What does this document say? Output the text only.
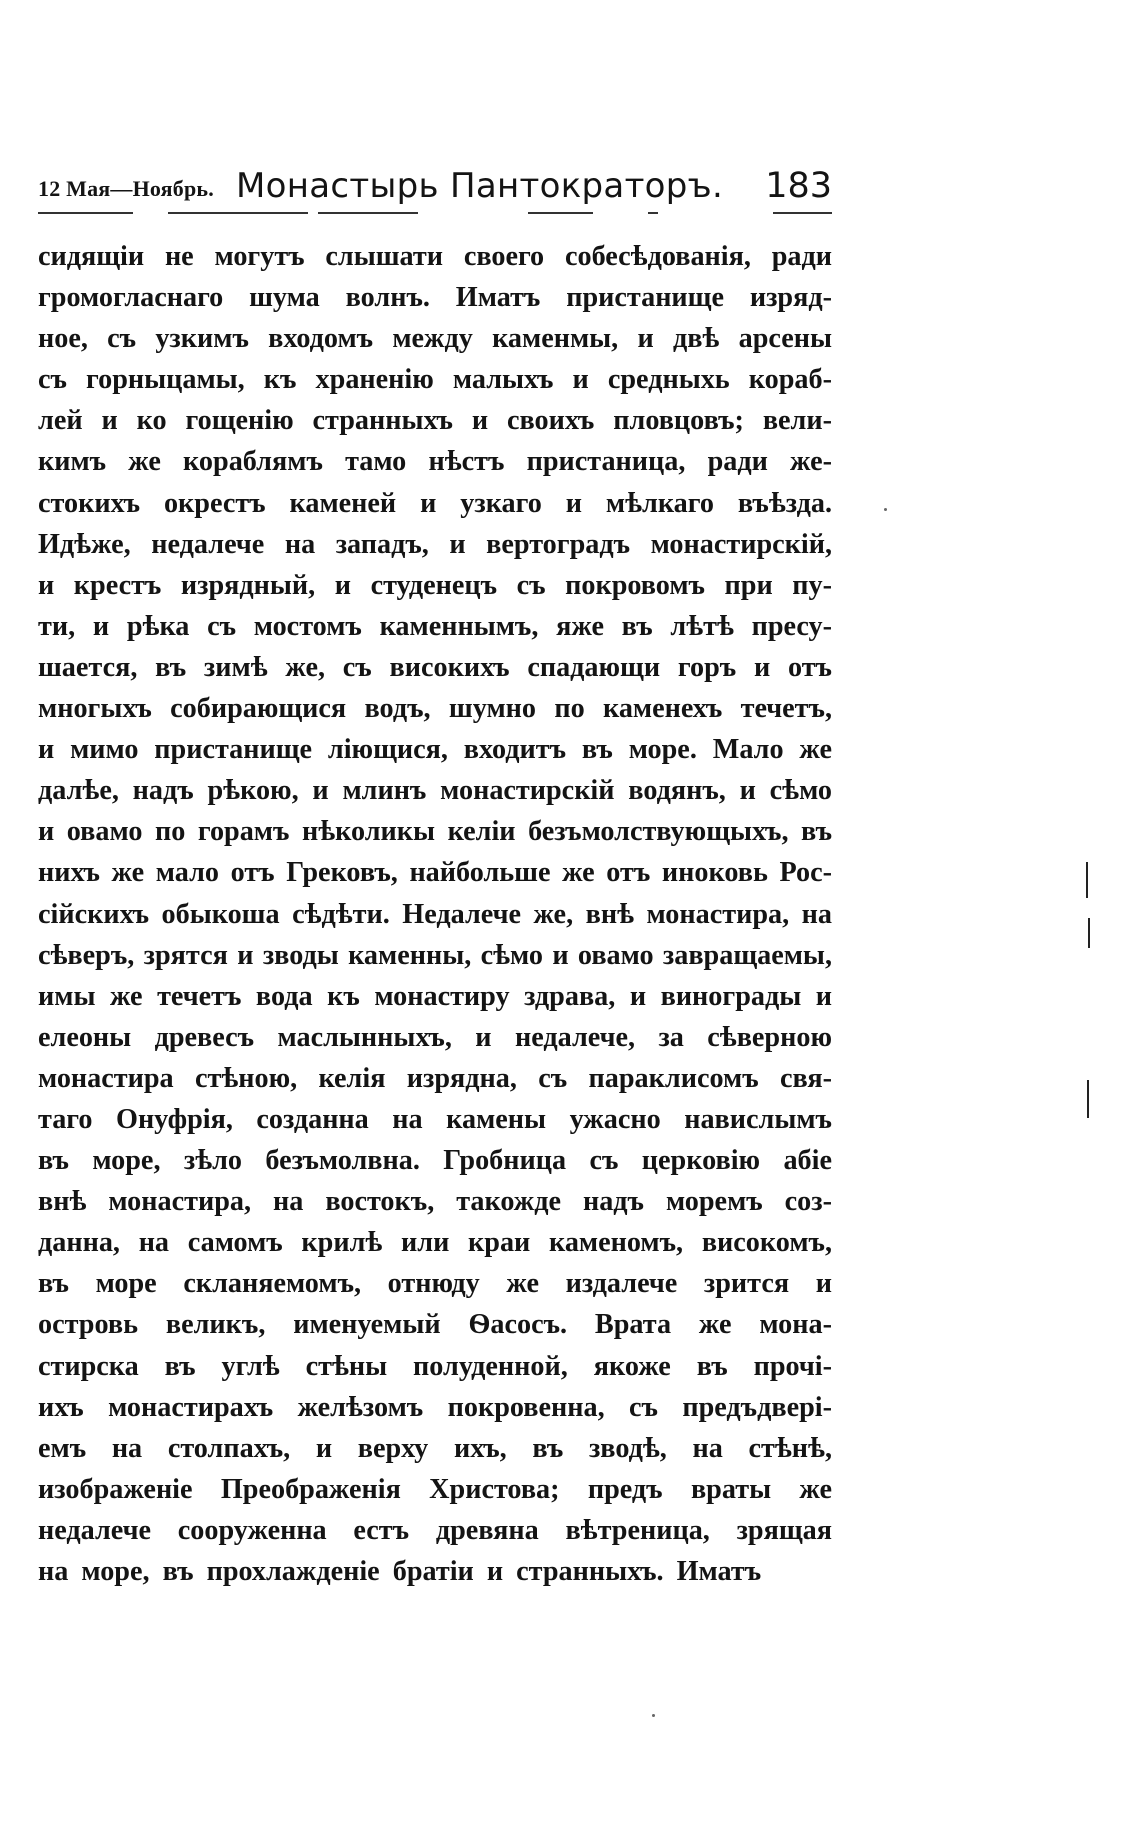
12 Мая—Ноябрь. Монастырь Пантократоръ. 183
сидящіи не могутъ слышати своего собесѣдованія, ради
громогласнаго шума волнъ. Иматъ пристанище изряд-
ное, съ узкимъ входомъ между каменмы, и двѣ арсены
съ горныцамы, къ храненію малыхъ и средныхь кораб-
лей и ко гощенію странныхъ и своихъ пловцовъ; вели-
кимъ же кораблямъ тамо нѣстъ пристаница, ради же-
стокихъ окрестъ каменей и узкаго и мѣлкаго въѣзда.
Идѣже, недалече на западъ, и вертоградъ монастирскій,
и крестъ изрядный, и студенецъ съ покровомъ при пу-
ти, и рѣка съ мостомъ каменнымъ, яже въ лѣтѣ пресу-
шается, въ зимѣ же, съ високихъ спадающи горъ и отъ
многыхъ собирающися водъ, шумно по каменехъ течетъ,
и мимо пристанище ліющися, входитъ въ море. Мало же
далѣе, надъ рѣкою, и млинъ монастирскій водянъ, и сѣмо
и овамо по горамъ нѣколикы келіи безъмолствующыхъ, въ
нихъ же мало отъ Грековъ, найбольше же отъ иноковь Рос-
сійскихъ обыкоша сѣдѣти. Недалече же, внѣ монастира, на
сѣверъ, зрятся и зводы каменны, сѣмо и овамо завращаемы,
имы же течетъ вода къ монастиру здрава, и винограды и
елеоны древесъ маслынныхъ, и недалече, за сѣверною
монастира стѣною, келія изрядна, съ параклисомъ свя-
таго Онуфрія, созданна на камены ужасно навислымъ
въ море, зѣло безъмолвна. Гробница съ церковію абіе
внѣ монастира, на востокъ, такожде надъ моремъ соз-
данна, на самомъ крилѣ или краи каменомъ, високомъ,
въ море скланяемомъ, отнюду же издалече зрится и
островь великъ, именуемый Ѳасосъ. Врата же мона-
стирска въ углѣ стѣны полуденной, якоже въ прочі-
ихъ монастирахъ желѣзомъ покровенна, съ предъдвері-
емъ на столпахъ, и верху ихъ, въ зводѣ, на стѣнѣ,
изображеніе Преображенія Христова; предъ враты же
недалече сооруженна естъ древяна вѣтреница, зрящая
на море, въ прохлажденіе братіи и странныхъ. Иматъ
